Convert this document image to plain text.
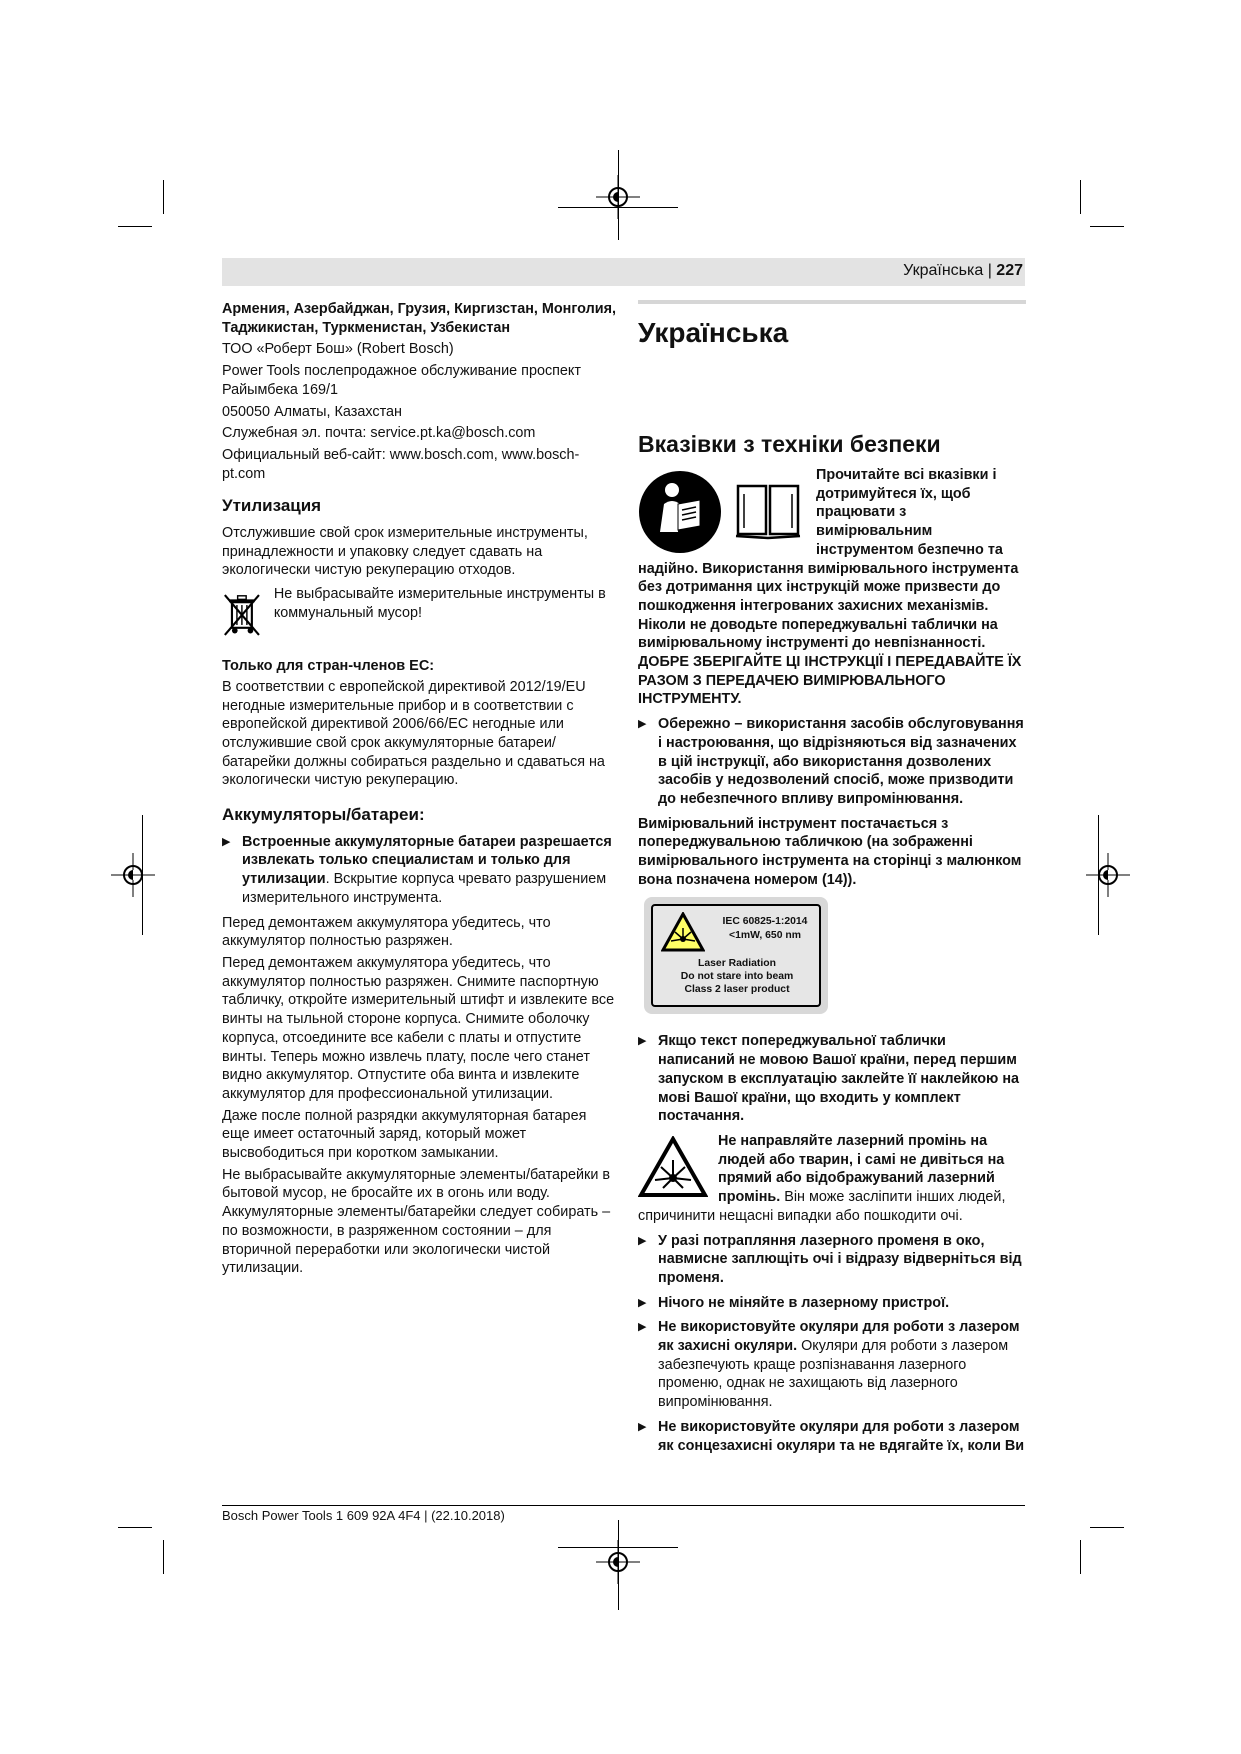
Українська | 227

Армения, Азербайджан, Грузия, Киргизстан, Монголия, Таджикистан, Туркменистан, Узбекистан

ТОО «Роберт Бош» (Robert Bosch)

Power Tools послепродажное обслуживание проспект Райымбека 169/1

050050 Алматы, Казахстан

Служебная эл. почта: service.pt.ka@bosch.com

Официальный веб-сайт: www.bosch.com, www.bosch-pt.com

Утилизация

Отслужившие свой срок измерительные инструменты, принадлежности и упаковку следует сдавать на экологически чистую рекуперацию отходов.

Не выбрасывайте измерительные инструменты в коммунальный мусор!

Только для стран-членов ЕС:

В соответствии с европейской директивой 2012/19/EU негодные измерительные прибор и в соответствии с европейской директивой 2006/66/EC негодные или отслужившие свой срок аккумуляторные батареи/батарейки должны собираться раздельно и сдаваться на экологически чистую рекуперацию.

Аккумуляторы/батареи:
▶ Встроенные аккумуляторные батареи разрешается извлекать только специалистам и только для утилизации. Вскрытие корпуса чревато разрушением измерительного инструмента.

Перед демонтажем аккумулятора убедитесь, что аккумулятор полностью разряжен.

Перед демонтажем аккумулятора убедитесь, что аккумулятор полностью разряжен. Снимите паспортную табличку, откройте измерительный штифт и извлеките все винты на тыльной стороне корпуса. Снимите оболочку корпуса, отсоедините все кабели с платы и отпустите винты. Теперь можно извлечь плату, после чего станет видно аккумулятор. Отпустите оба винта и извлеките аккумулятор для профессиональной утилизации.

Даже после полной разрядки аккумуляторная батарея еще имеет остаточный заряд, который может высвободиться при коротком замыкании.

Не выбрасывайте аккумуляторные элементы/батарейки в бытовой мусор, не бросайте их в огонь или воду. Аккумуляторные элементы/батарейки следует собирать – по возможности, в разряженном состоянии – для вторичной переработки или экологически чистой утилизации.

Українська
Вказівки з техніки безпеки

Прочитайте всі вказівки і дотримуйтеся їх, щоб працювати з вимірювальним інструментом безпечно та надійно. Використання вимірювального інструмента без дотримання цих інструкцій може призвести до пошкодження інтегрованих захисних механізмів. Ніколи не доводьте попереджувальні таблички на вимірювальному інструменті до невпізнанності. ДОБРЕ ЗБЕРІГАЙТЕ ЦІ ІНСТРУКЦІЇ І ПЕРЕДАВАЙТЕ ЇХ РАЗОМ З ПЕРЕДАЧЕЮ ВИМІРЮВАЛЬНОГО ІНСТРУМЕНТУ.

▶ Обережно – використання засобів обслуговування і настроювання, що відрізняються від зазначених в цій інструкції, або використання дозволених засобів у недозволений спосіб, може призводити до небезпечного впливу випромінювання.

Вимірювальний інструмент постачається з попереджувальною табличкою (на зображенні вимірювального інструмента на сторінці з малюнком вона позначена номером (14)).

IEC 60825-1:2014
<1mW, 650 nm
Laser Radiation
Do not stare into beam
Class 2 laser product
▶ Якщо текст попереджувальної таблички написаний не мовою Вашої країни, перед першим запуском в експлуатацію заклейте її наклейкою на мові Вашої країни, що входить у комплект постачання.

Не направляйте лазерний промінь на людей або тварин, і самі не дивіться на прямий або відображуваний лазерний промінь. Він може засліпити інших людей, спричинити нещасні випадки або пошкодити очі.

▶ У разі потрапляння лазерного променя в око, навмисне заплющіть очі і відразу відверніться від променя.
▶ Нічого не міняйте в лазерному пристрої.
▶ Не використовуйте окуляри для роботи з лазером як захисні окуляри. Окуляри для роботи з лазером забезпечують краще розпізнавання лазерного променю, однак не захищають від лазерного випромінювання.
▶ Не використовуйте окуляри для роботи з лазером як сонцезахисні окуляри та не вдягайте їх, коли Ви
Bosch Power Tools 1 609 92A 4F4 | (22.10.2018)
